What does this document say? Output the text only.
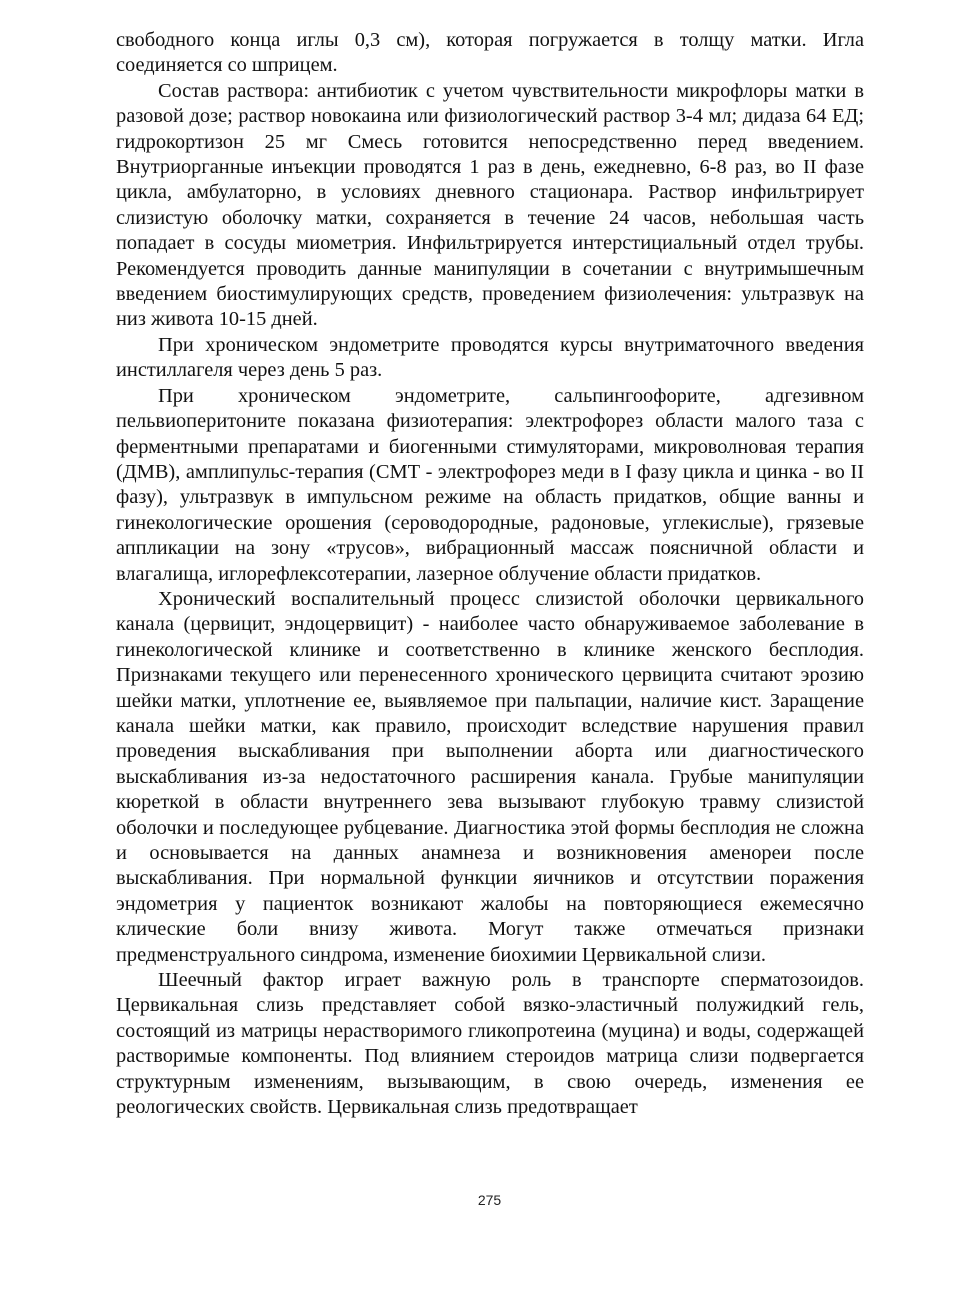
свободного конца иглы 0,3 см), которая погружается в толщу матки. Игла соединяется со шприцем.

Состав раствора: антибиотик с учетом чувствительности микрофлоры матки в разовой дозе; раствор новокаина или физиологический раствор 3-4 мл; дидаза 64 ЕД; гидрокортизон 25 мг Смесь готовится непосредственно перед введением. Внутриорганные инъекции проводятся 1 раз в день, ежедневно, 6-8 раз, во II фазе цикла, амбулаторно, в условиях дневного стационара. Раствор инфильтрирует слизистую оболочку матки, сохраняется в течение 24 часов, небольшая часть попадает в сосуды миометрия. Инфильтрируется интерстициальный отдел трубы. Рекомендуется проводить данные манипуляции в сочетании с внутримышечным введением биостимулирующих средств, проведением физиолечения: ультразвук на низ живота 10-15 дней.

При хроническом эндометрите проводятся курсы внутриматочного введения инстиллагеля через день 5 раз.

При хроническом эндометрите, сальпингоофорите, адгезивном пельвиоперитоните показана физиотерапия: электрофорез области малого таза с ферментными препаратами и биогенными стимуляторами, микроволновая терапия (ДМВ), амплипульс-терапия (СМТ - электрофорез меди в I фазу цикла и цинка - во II фазу), ультразвук в импульсном режиме на область придатков, общие ванны и гинекологические орошения (сероводородные, радоновые, углекислые), грязевые аппликации на зону «трусов», вибрационный массаж поясничной области и влагалища, иглорефлексотерапии, лазерное облучение области придатков.

Хронический воспалительный процесс слизистой оболочки цервикального канала (цервицит, эндоцервицит) - наиболее часто обнаруживаемое заболевание в гинекологической клинике и соответственно в клинике женского бесплодия. Признаками текущего или перенесенного хронического цервицита считают эрозию шейки матки, уплотнение ее, выявляемое при пальпации, наличие кист. Заращение канала шейки матки, как правило, происходит вследствие нарушения правил проведения выскабливания при выполнении аборта или диагностического выскабливания из-за недостаточного расширения канала. Грубые манипуляции кюреткой в области внутреннего зева вызывают глубокую травму слизистой оболочки и последующее рубцевание. Диагностика этой формы бесплодия не сложна и основывается на данных анамнеза и возникновения аменореи после выскабливания. При нормальной функции яичников и отсутствии поражения эндометрия у пациенток возникают жалобы на повторяющиеся ежемесячно клические боли внизу живота. Могут также отмечаться признаки предменструального синдрома, изменение биохимии Цервикальной слизи.

Шеечный фактор играет важную роль в транспорте сперматозоидов. Цервикальная слизь представляет собой вязко-эластичный полужидкий гель, состоящий из матрицы нерастворимого гликопротеина (муцина) и воды, содержащей растворимые компоненты. Под влиянием стероидов матрица слизи подвергается структурным изменениям, вызывающим, в свою очередь, изменения ее реологических свойств. Цервикальная слизь предотвращает

275
